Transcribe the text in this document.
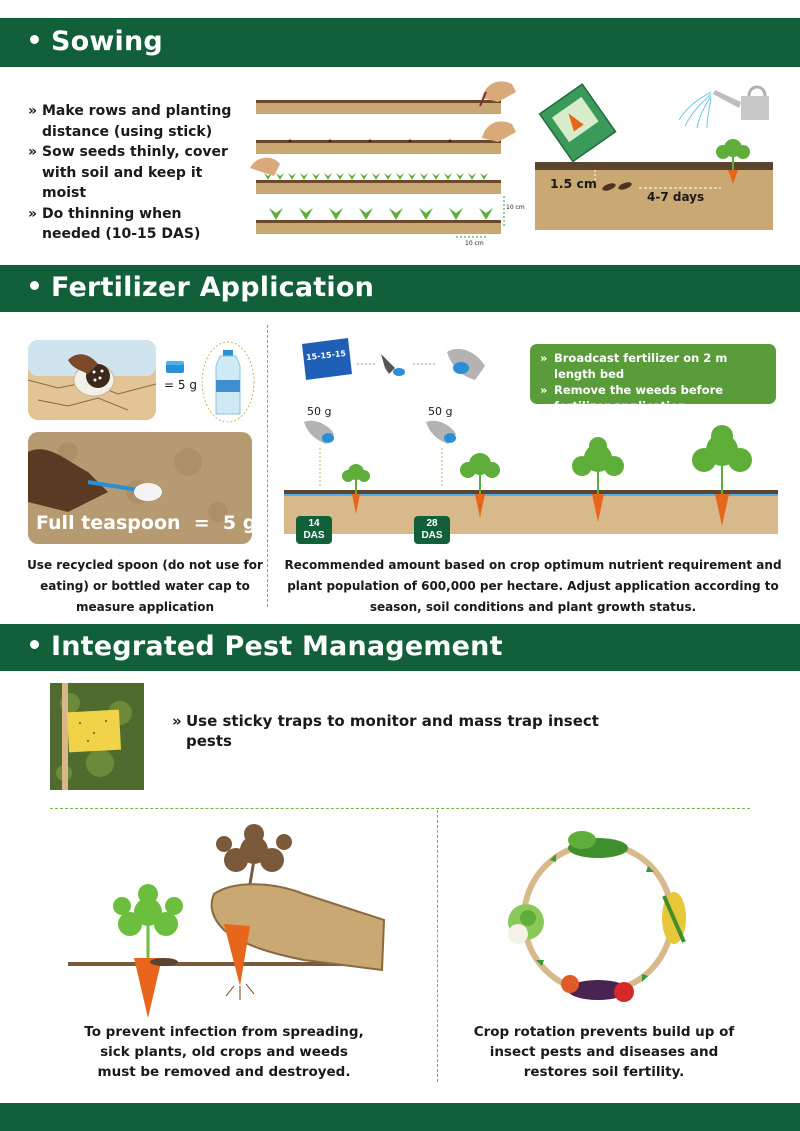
Sowing
» Make rows and planting distance (using stick)
» Sow seeds thinly, cover with soil and keep it moist
» Do thinning when needed (10-15 DAS)
10 cm
10 cm
1.5 cm
4-7 days
Fertilizer Application
= 5 g
Full teaspoon  =  5 g
Use recycled spoon (do not use for eating) or bottled water cap to measure application
15-15-15
»	Broadcast fertilizer on 2 m length bed
» Remove the weeds before fertilizer application
50 g	50 g
14
DAS
28
DAS
Recommended amount based on crop optimum nutrient requirement and plant population of 600,000 per hectare. Adjust application according to season, soil conditions and plant growth status.
Integrated Pest Management
» Use sticky traps to monitor and mass trap insect pests
To prevent infection from spreading, sick plants, old crops and weeds must be removed and destroyed.
Crop rotation prevents build up of insect pests and diseases and restores soil fertility.
